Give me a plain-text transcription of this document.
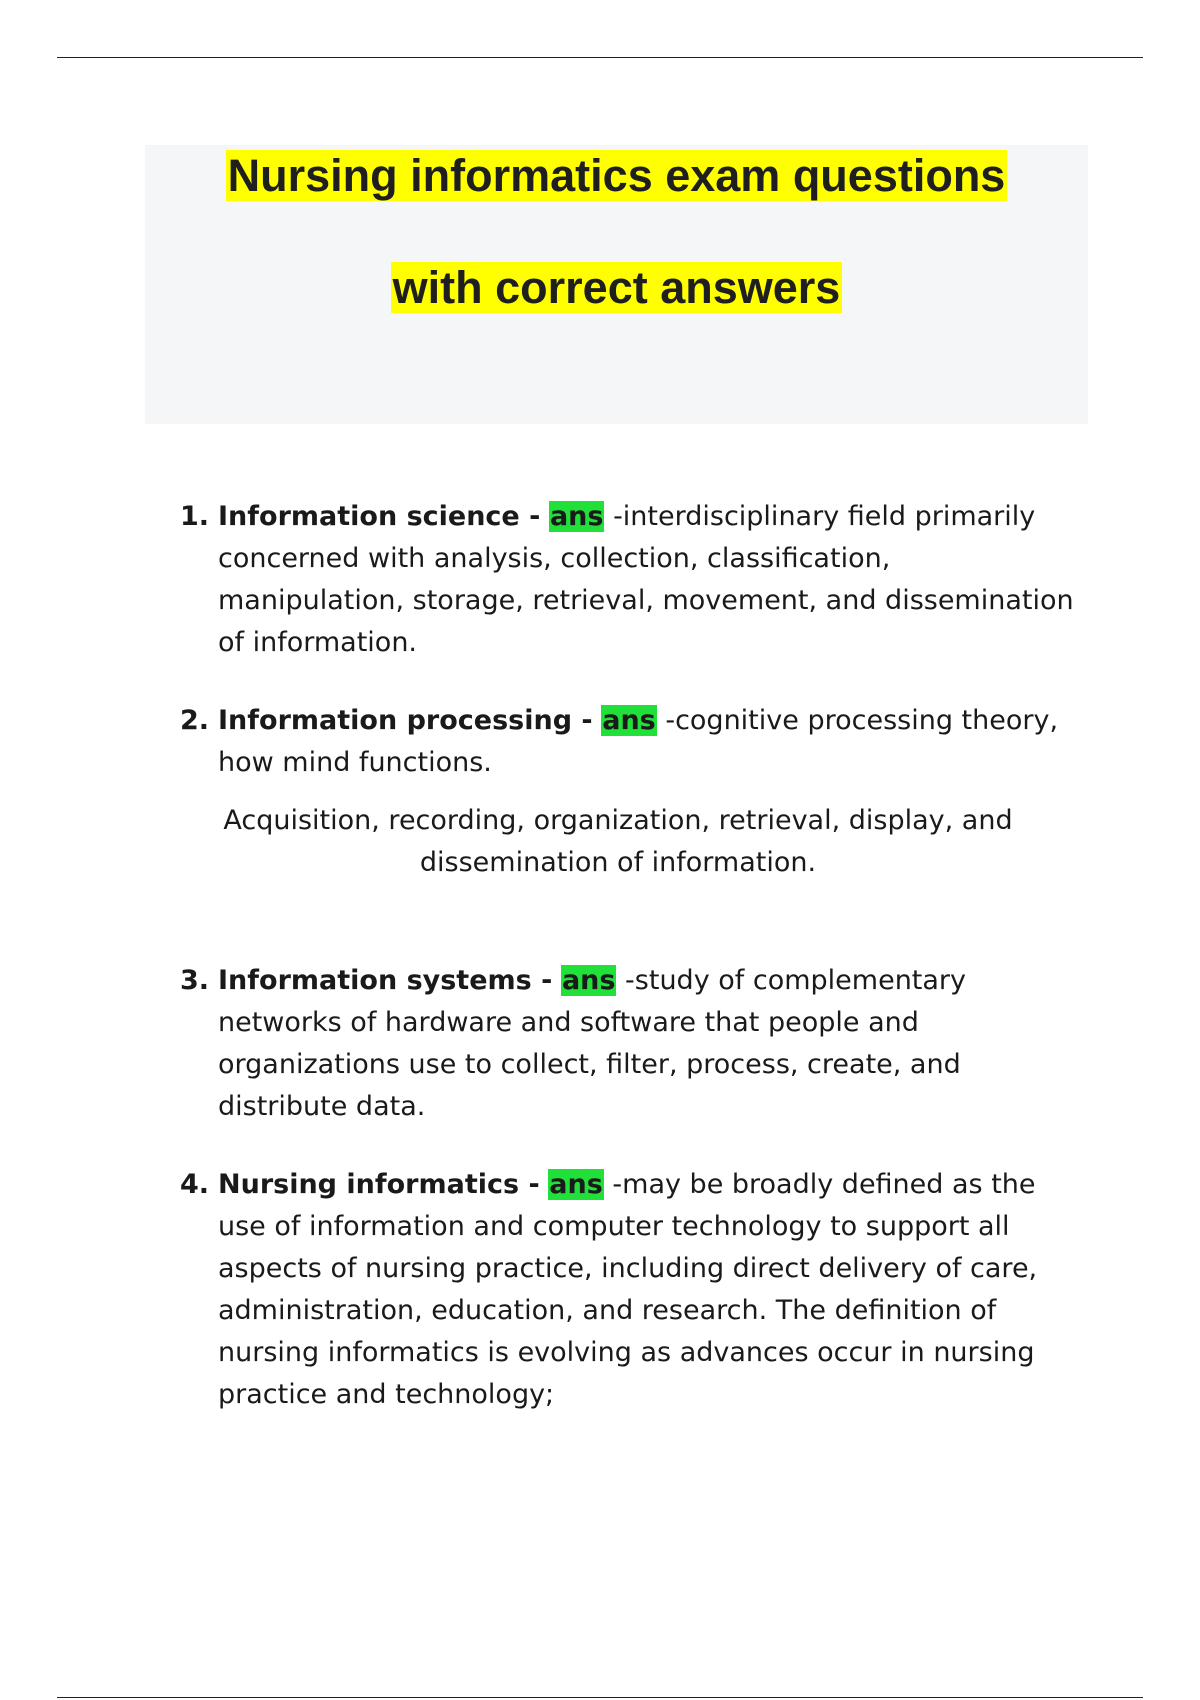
Nursing informatics exam questions
with correct answers
1. Information science - ans -interdisciplinary field primarily concerned with analysis, collection, classification, manipulation, storage, retrieval, movement, and dissemination of information.
2. Information processing - ans -cognitive processing theory, how mind functions.
Acquisition, recording, organization, retrieval, display, and dissemination of information.
3. Information systems - ans -study of complementary networks of hardware and software that people and organizations use to collect, filter, process, create, and distribute data.
4. Nursing informatics - ans -may be broadly defined as the use of information and computer technology to support all aspects of nursing practice, including direct delivery of care, administration, education, and research. The definition of nursing informatics is evolving as advances occur in nursing practice and technology;
